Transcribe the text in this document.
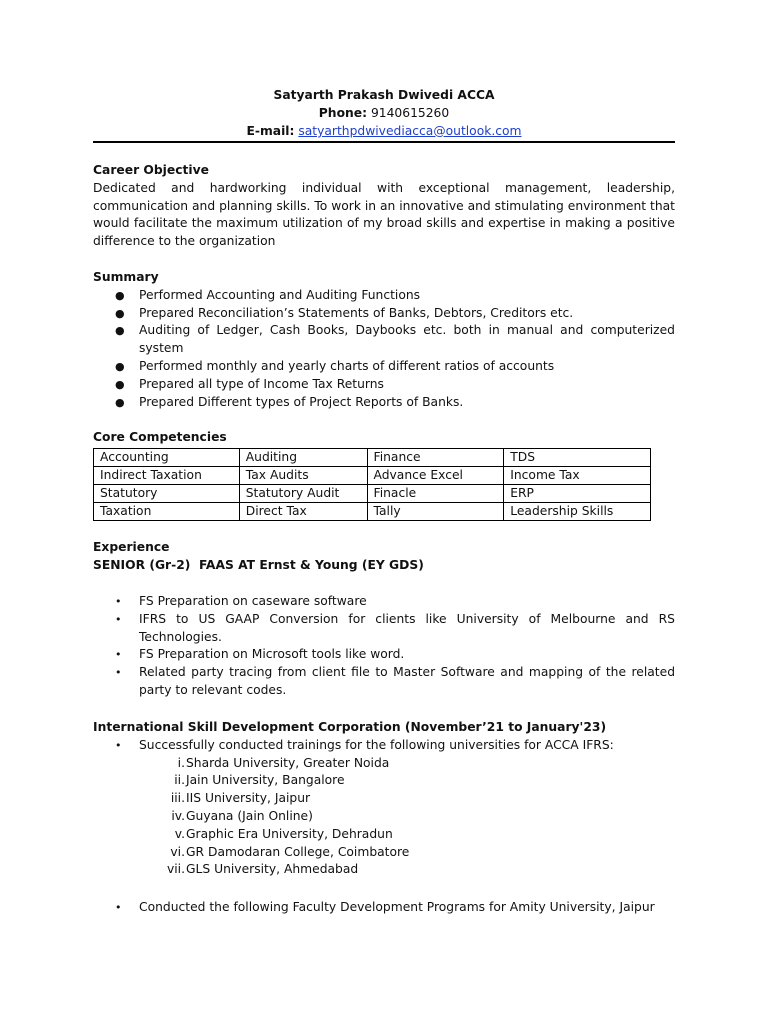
Satyarth Prakash Dwivedi ACCA
Phone: 9140615260
E-mail: satyarthpdwivediacca@outlook.com
Career Objective
Dedicated and hardworking individual with exceptional management, leadership, communication and planning skills. To work in an innovative and stimulating environment that would facilitate the maximum utilization of my broad skills and expertise in making a positive difference to the organization
Summary
● Performed Accounting and Auditing Functions
● Prepared Reconciliation’s Statements of Banks, Debtors, Creditors etc.
● Auditing of Ledger, Cash Books, Daybooks etc. both in manual and computerized system
● Performed monthly and yearly charts of different ratios of accounts
● Prepared all type of Income Tax Returns
● Prepared Different types of Project Reports of Banks.
Core Competencies
Accounting	Auditing	Finance	TDS
Indirect Taxation	Tax Audits	Advance Excel	Income Tax
Statutory	Statutory Audit	Finacle	ERP
Taxation	Direct Tax	Tally	Leadership Skills
Experience
SENIOR (Gr-2)  FAAS AT Ernst & Young (EY GDS)
• FS Preparation on caseware software
• IFRS to US GAAP Conversion for clients like University of Melbourne and RS Technologies.
• FS Preparation on Microsoft tools like word.
• Related party tracing from client file to Master Software and mapping of the related party to relevant codes.
International Skill Development Corporation (November’21 to January'23)
• Successfully conducted trainings for the following universities for ACCA IFRS:
i. Sharda University, Greater Noida
ii. Jain University, Bangalore
iii. IIS University, Jaipur
iv. Guyana (Jain Online)
v. Graphic Era University, Dehradun
vi. GR Damodaran College, Coimbatore
vii. GLS University, Ahmedabad
• Conducted the following Faculty Development Programs for Amity University, Jaipur
